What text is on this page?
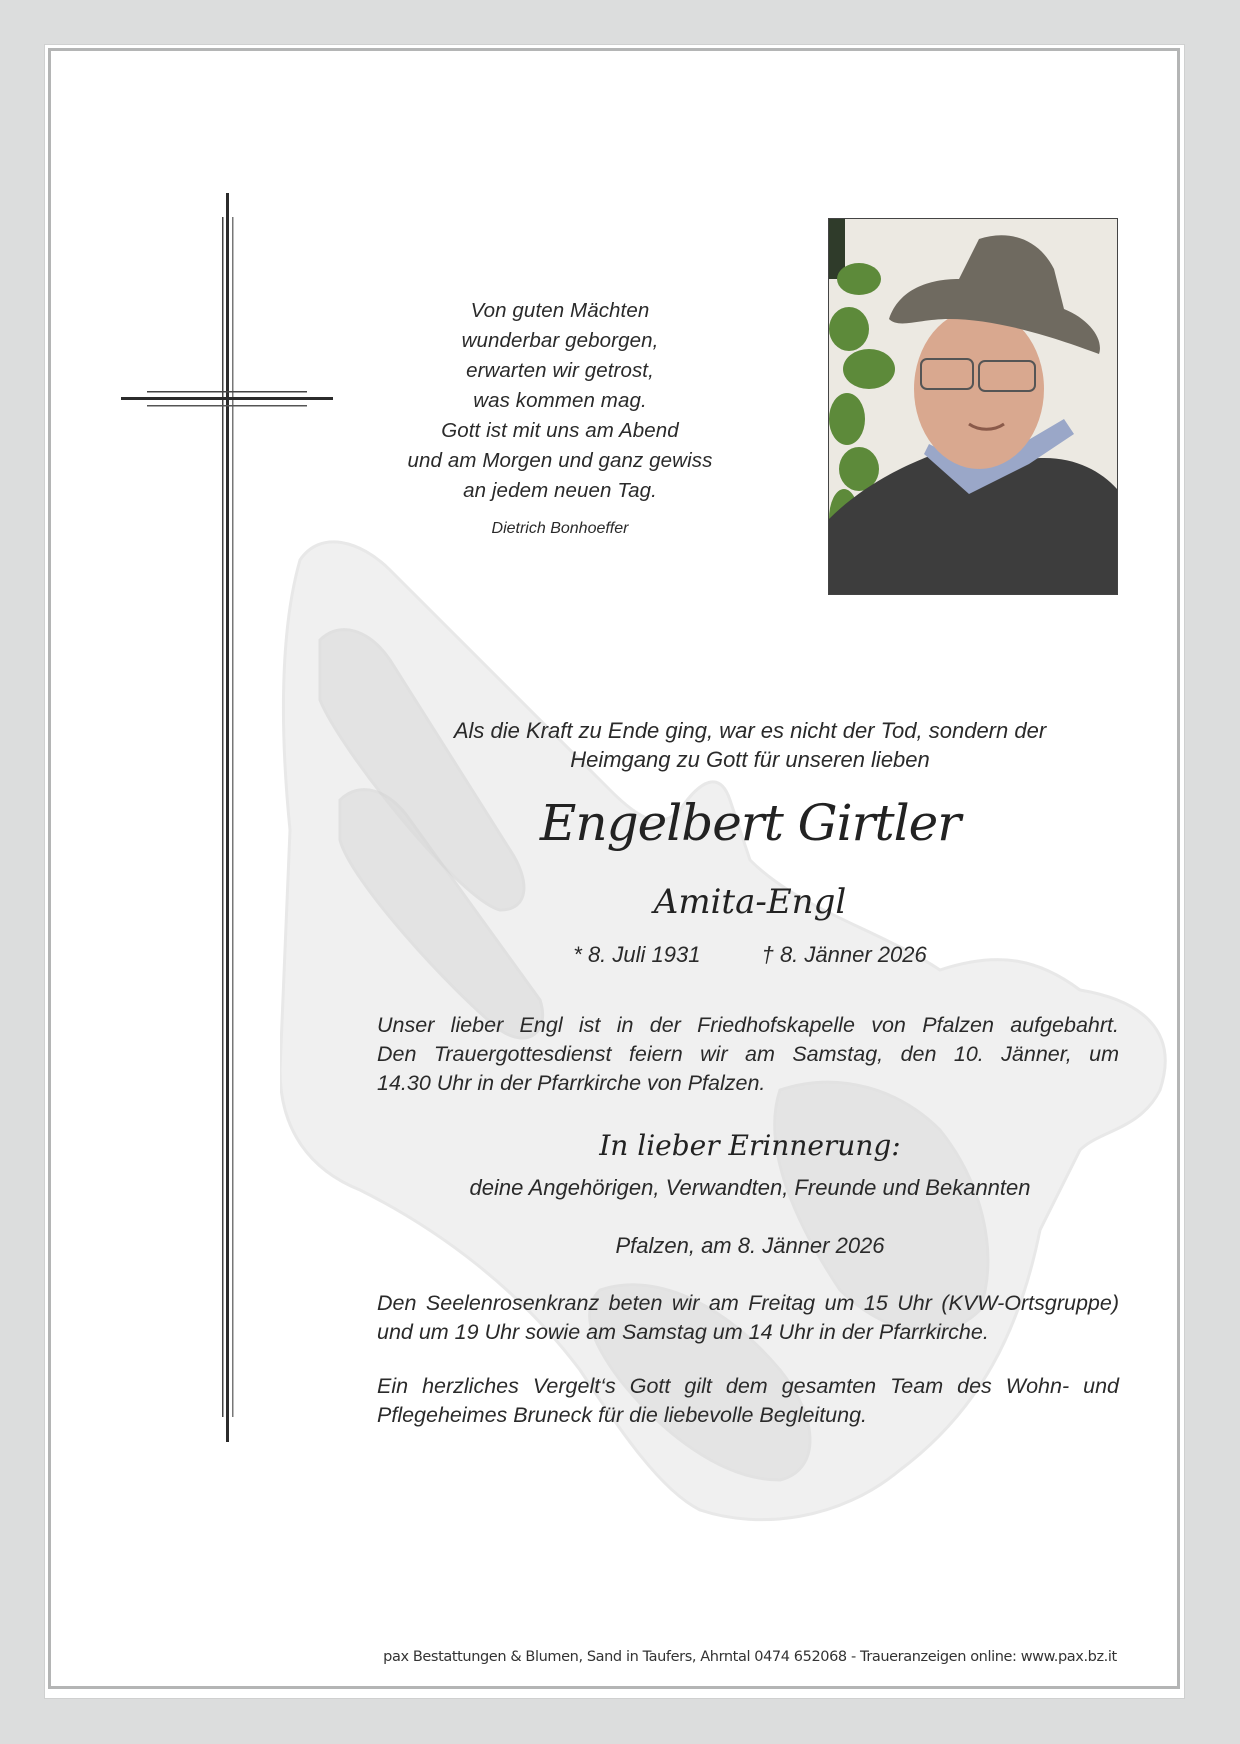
Von guten Mächten
wunderbar geborgen,
erwarten wir getrost,
was kommen mag.
Gott ist mit uns am Abend
und am Morgen und ganz gewiss
an jedem neuen Tag.
Dietrich Bonhoeffer
Als die Kraft zu Ende ging, war es nicht der Tod, sondern der
Heimgang zu Gott für unseren lieben
Engelbert Girtler
Amita-Engl
* 8. Juli 1931	† 8. Jänner 2026
Unser lieber Engl ist in der Friedhofskapelle von Pfalzen aufgebahrt.
Den Trauergottesdienst feiern wir am Samstag, den 10. Jänner, um
14.30 Uhr in der Pfarrkirche von Pfalzen.
In lieber Erinnerung:
deine Angehörigen, Verwandten, Freunde und Bekannten
Pfalzen, am 8. Jänner 2026
Den Seelenrosenkranz beten wir am Freitag um 15 Uhr (KVW-Ortsgruppe)
und um 19 Uhr sowie am Samstag um 14 Uhr in der Pfarrkirche.
Ein herzliches Vergelt‘s Gott gilt dem gesamten Team des Wohn- und
Pflegeheimes Bruneck für die liebevolle Begleitung.
pax Bestattungen & Blumen, Sand in Taufers, Ahrntal 0474 652068 - Traueranzeigen online: www.pax.bz.it
